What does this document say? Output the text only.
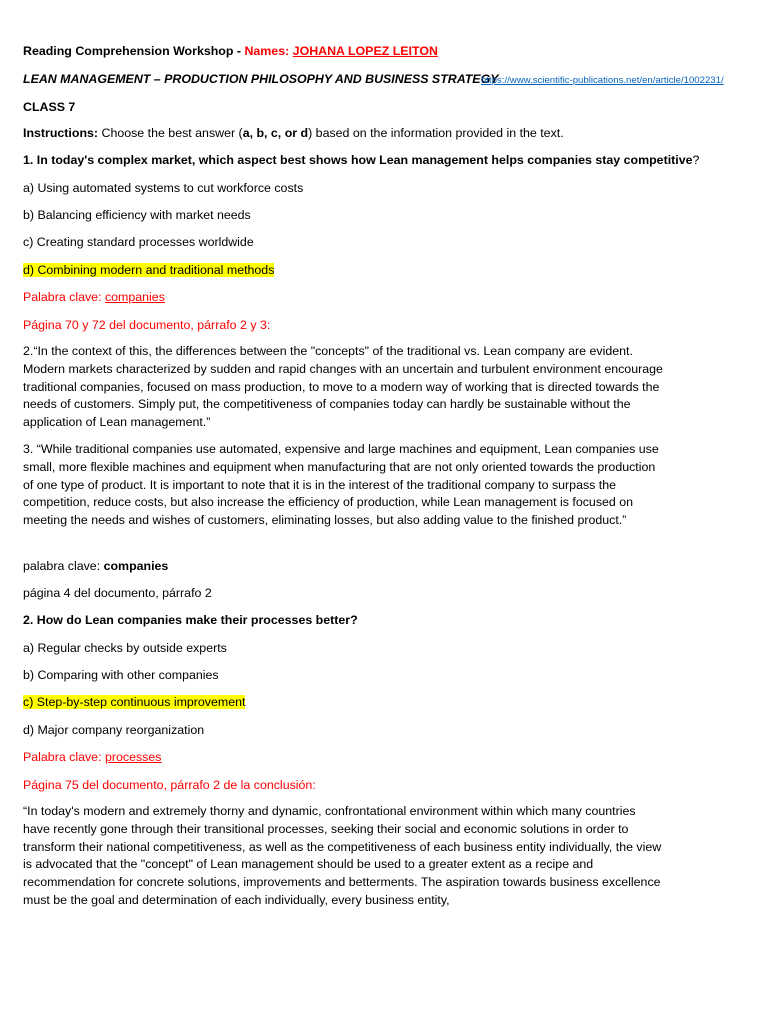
Reading Comprehension Workshop - Names: JOHANA LOPEZ LEITON
LEAN MANAGEMENT – PRODUCTION PHILOSOPHY AND BUSINESS STRATEGY
https://www.scientific-publications.net/en/article/1002231/
CLASS 7
Instructions: Choose the best answer (a, b, c, or d) based on the information provided in the text.
1. In today's complex market, which aspect best shows how Lean management helps companies stay competitive?
a) Using automated systems to cut workforce costs
b) Balancing efficiency with market needs
c) Creating standard processes worldwide
d) Combining modern and traditional methods
Palabra clave: companies
Página 70 y 72 del documento, párrafo 2 y 3:
2.“In the context of this, the differences between the "concepts" of the traditional vs. Lean company are evident. Modern markets characterized by sudden and rapid changes with an uncertain and turbulent environment encourage traditional companies, focused on mass production, to move to a modern way of working that is directed towards the needs of customers. Simply put, the competitiveness of companies today can hardly be sustainable without the application of Lean management.”
3. “While traditional companies use automated, expensive and large machines and equipment, Lean companies use small, more flexible machines and equipment when manufacturing that are not only oriented towards the production of one type of product. It is important to note that it is in the interest of the traditional company to surpass the competition, reduce costs, but also increase the efficiency of production, while Lean management is focused on meeting the needs and wishes of customers, eliminating losses, but also adding value to the finished product.”
palabra clave: companies
página 4 del documento, párrafo 2
2. How do Lean companies make their processes better?
a) Regular checks by outside experts
b) Comparing with other companies
c) Step-by-step continuous improvement
d) Major company reorganization
Palabra clave: processes
Página 75 del documento, párrafo 2 de la conclusión:
“In today's modern and extremely thorny and dynamic, confrontational environment within which many countries have recently gone through their transitional processes, seeking their social and economic solutions in order to transform their national competitiveness, as well as the competitiveness of each business entity individually, the view is advocated that the "concept" of Lean management should be used to a greater extent as a recipe and recommendation for concrete solutions, improvements and betterments. The aspiration towards business excellence must be the goal and determination of each individually, every business entity,
